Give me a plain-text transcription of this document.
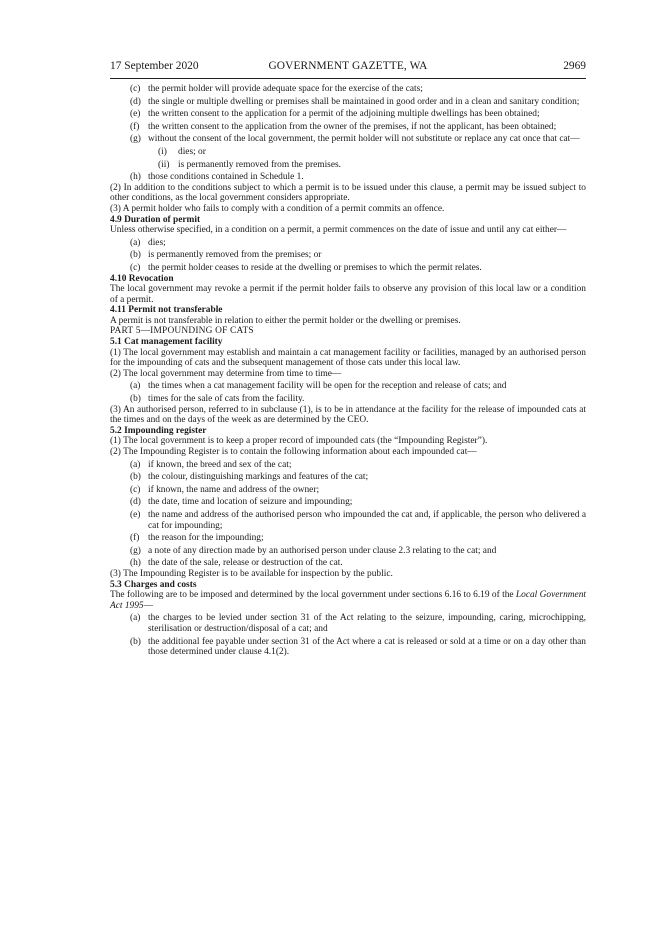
17 September 2020	GOVERNMENT GAZETTE, WA	2969
(c) the permit holder will provide adequate space for the exercise of the cats;
(d) the single or multiple dwelling or premises shall be maintained in good order and in a clean and sanitary condition;
(e) the written consent to the application for a permit of the adjoining multiple dwellings has been obtained;
(f) the written consent to the application from the owner of the premises, if not the applicant, has been obtained;
(g) without the consent of the local government, the permit holder will not substitute or replace any cat once that cat—
(i)	dies; or
(ii) is permanently removed from the premises.
(h) those conditions contained in Schedule 1.

(2) In addition to the conditions subject to which a permit is to be issued under this clause, a permit may be issued subject to other conditions, as the local government considers appropriate.

(3) A permit holder who fails to comply with a condition of a permit commits an offence.

4.9 Duration of permit

Unless otherwise specified, in a condition on a permit, a permit commences on the date of issue and until any cat either—

(a) dies;
(b) is permanently removed from the premises; or
(c) the permit holder ceases to reside at the dwelling or premises to which the permit relates.

4.10 Revocation

The local government may revoke a permit if the permit holder fails to observe any provision of this local law or a condition of a permit.

4.11 Permit not transferable

A permit is not transferable in relation to either the permit holder or the dwelling or premises.

PART 5—IMPOUNDING OF CATS

5.1 Cat management facility

(1) The local government may establish and maintain a cat management facility or facilities, managed by an authorised person for the impounding of cats and the subsequent management of those cats under this local law.

(2) The local government may determine from time to time—

(a) the times when a cat management facility will be open for the reception and release of cats; and
(b) times for the sale of cats from the facility.

(3) An authorised person, referred to in subclause (1), is to be in attendance at the facility for the release of impounded cats at the times and on the days of the week as are determined by the CEO.

5.2 Impounding register

(1) The local government is to keep a proper record of impounded cats (the “Impounding Register”).

(2) The Impounding Register is to contain the following information about each impounded cat—

(a) if known, the breed and sex of the cat;
(b) the colour, distinguishing markings and features of the cat;
(c) if known, the name and address of the owner;
(d) the date, time and location of seizure and impounding;
(e) the name and address of the authorised person who impounded the cat and, if applicable, the person who delivered a cat for impounding;
(f) the reason for the impounding;
(g) a note of any direction made by an authorised person under clause 2.3 relating to the cat; and
(h) the date of the sale, release or destruction of the cat.

(3) The Impounding Register is to be available for inspection by the public.

5.3 Charges and costs

The following are to be imposed and determined by the local government under sections 6.16 to 6.19 of the Local Government Act 1995—

(a) the charges to be levied under section 31 of the Act relating to the seizure, impounding, caring, microchipping, sterilisation or destruction/disposal of a cat; and
(b) the additional fee payable under section 31 of the Act where a cat is released or sold at a time or on a day other than those determined under clause 4.1(2).
